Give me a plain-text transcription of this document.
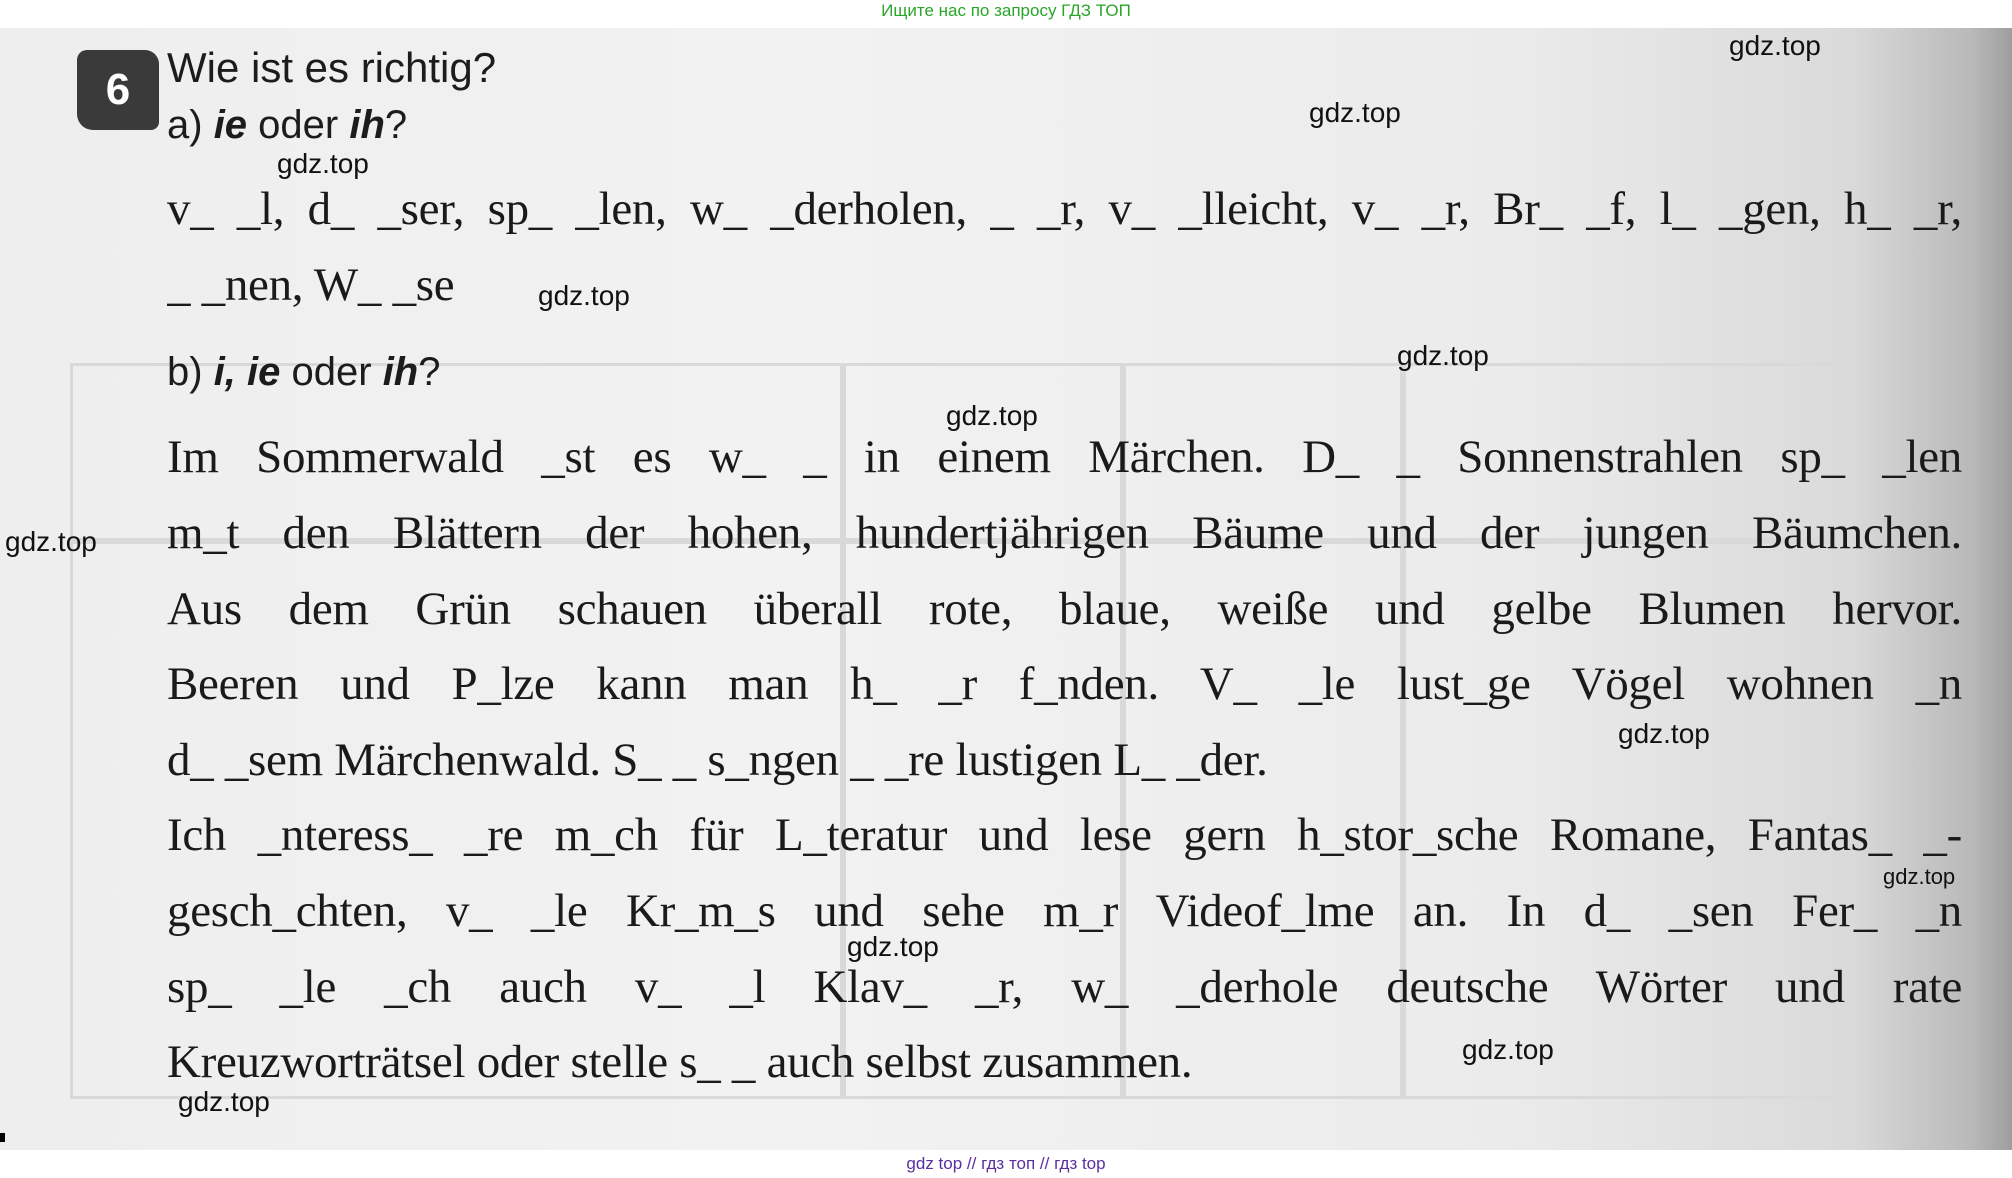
Ищите нас по запросу ГДЗ ТОП
6 Wie ist es richtig?
a) ie oder ih?
v_ _l, d_ _ser, sp_ _len, w_ _derholen, _ _r, v_ _lleicht, v_ _r, Br_ _f, l_ _gen, h_ _r,
_ _nen, W_ _se
b) i, ie oder ih?
Im Sommerwald _st es w_ _ in einem Märchen. D_ _ Sonnenstrahlen sp_ _len
m_t den Blättern der hohen, hundertjährigen Bäume und der jungen Bäumchen.
Aus dem Grün schauen überall rote, blaue, weiße und gelbe Blumen hervor.
Beeren und P_lze kann man h_ _r f_nden. V_ _le lust_ge Vögel wohnen _n
d_ _sem Märchenwald. S_ _ s_ngen _ _re lustigen L_ _der.
Ich _nteress_ _re m_ch für L_teratur und lese gern h_stor_sche Romane, Fantas_ _-
gesch_chten, v_ _le Kr_m_s und sehe m_r Videof_lme an. In d_ _sen Fer_ _n
sp_ _le _ch auch v_ _l Klav_ _r, w_ _derhole deutsche Wörter und rate
Kreuzworträtsel oder stelle s_ _ auch selbst zusammen.
gdz.top
gdz.top
gdz.top
gdz.top
gdz.top
gdz.top
gdz.top
gdz.top
gdz.top
gdz.top
gdz.top
gdz.top
gdz top // гдз топ // гдз top
